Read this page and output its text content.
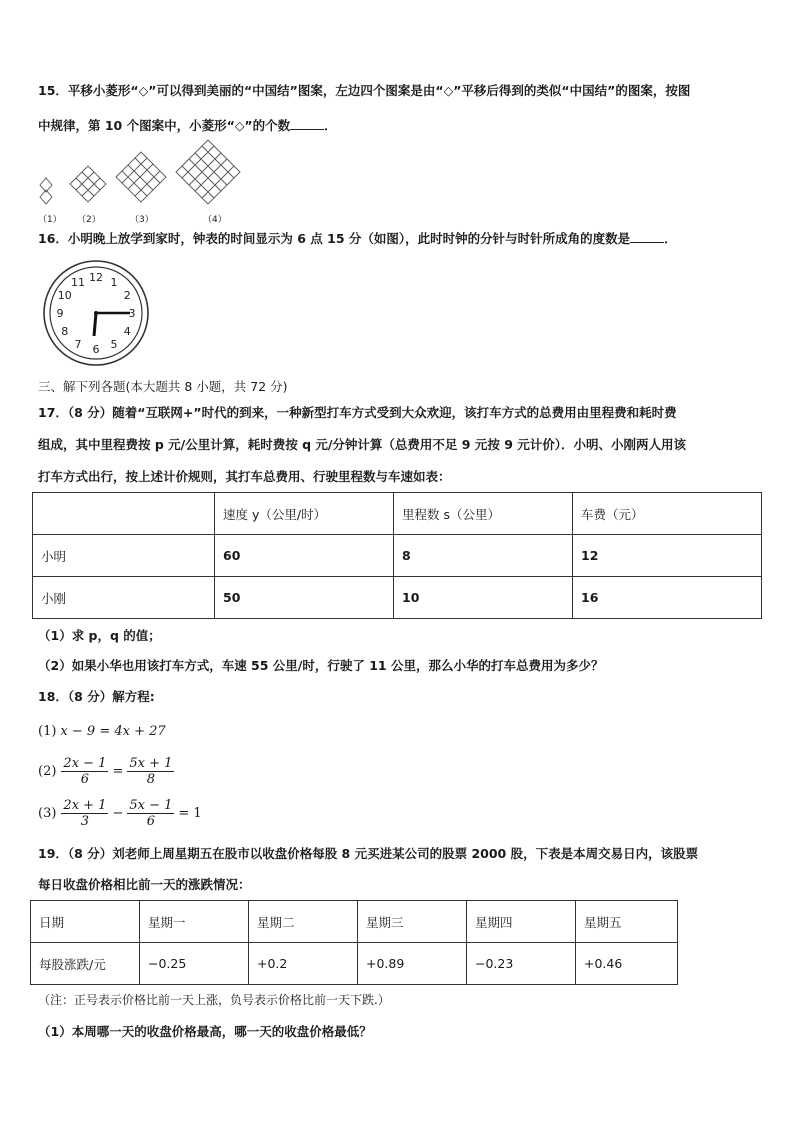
15．平移小菱形“◇”可以得到美丽的“中国结”图案，左边四个图案是由“◇”平移后得到的类似“中国结”的图案，按图
中规律，第 10 个图案中，小菱形“◇”的个数	．
（1） （2）	（3）	（4）
16．小明晚上放学到家时，钟表的时间显示为 6 点 15 分（如图），此时时钟的分针与时针所成角的度数是	．
12 1
2
3
4
5
6
7
8
9
10
11
三、解下列各题(本大题共 8 小题，共 72 分)
17．（8 分）随着“互联网+”时代的到来，一种新型打车方式受到大众欢迎，该打车方式的总费用由里程费和耗时费
组成，其中里程费按 p 元/公里计算，耗时费按 q 元/分钟计算（总费用不足 9 元按 9 元计价）．小明、小刚两人用该
打车方式出行，按上述计价规则，其打车总费用、行驶里程数与车速如表：
	速度 y（公里/时）	里程数 s（公里）	车费（元）
小明	60	8	12
小刚	50	10	16
（1）求 p，q 的值；
（2）如果小华也用该打车方式，车速 55 公里/时，行驶了 11 公里，那么小华的打车总费用为多少？
18．（8 分）解方程:
(1) x − 9 = 4x + 27
$(2) \frac{2x - 1}{6} = \frac{5x + 1}{8}$
$(3) \frac{2x + 1}{3} - \frac{5x - 1}{6} = 1$
19．（8 分）刘老师上周星期五在股市以收盘价格每股 8 元买进某公司的股票 2000 股，下表是本周交易日内，该股票
每日收盘价格相比前一天的涨跌情况：
日期	星期一	星期二	星期三	星期四	星期五
每股涨跌/元	−0.25	+0.2	+0.89	−0.23	+0.46
（注：正号表示价格比前一天上涨，负号表示价格比前一天下跌.）
（1）本周哪一天的收盘价格最高，哪一天的收盘价格最低？
